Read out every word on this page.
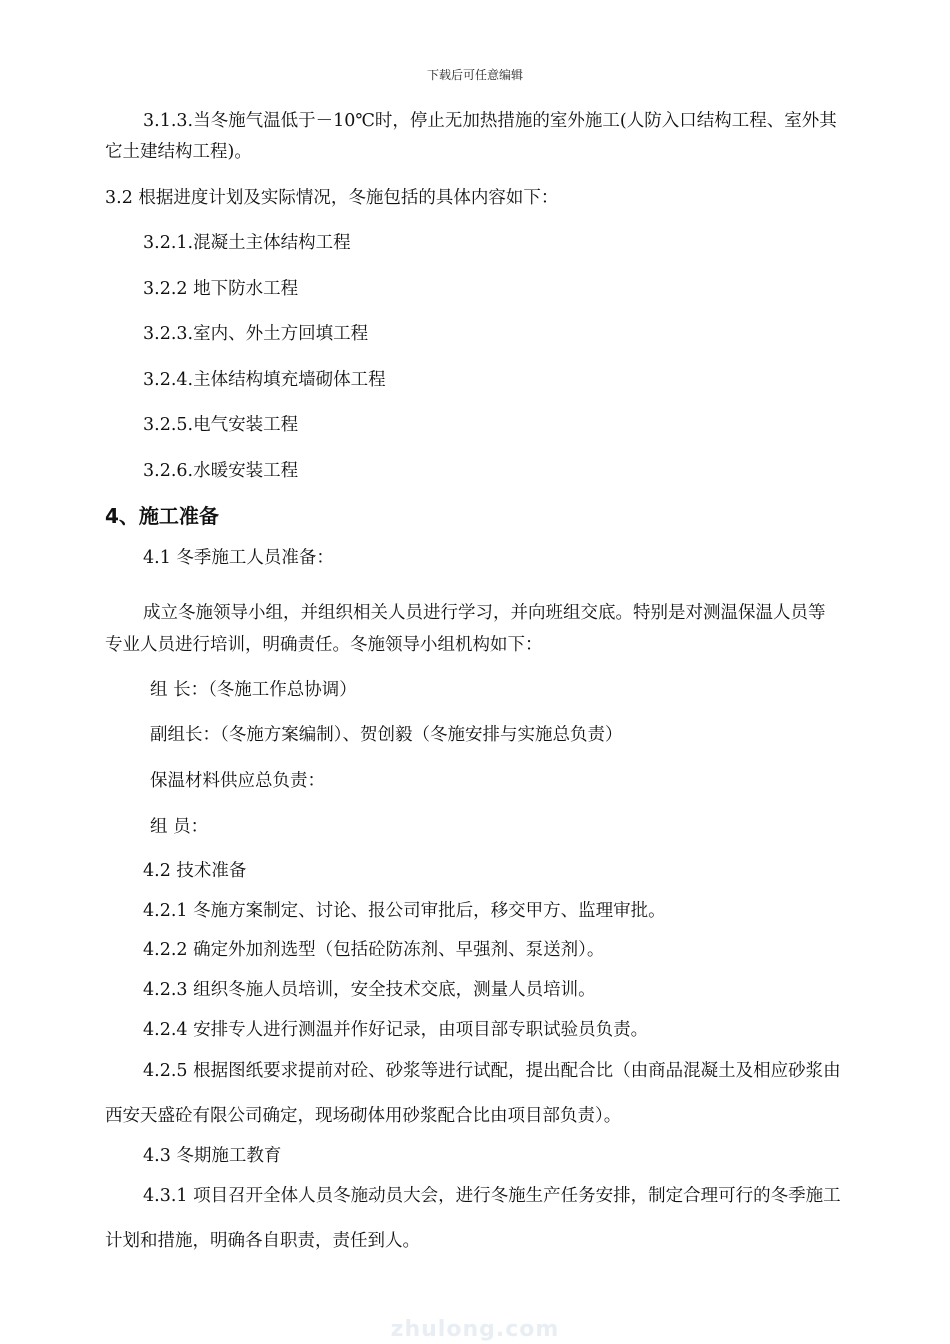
下载后可任意编辑
3.1.3.当冬施气温低于－10℃时，停止无加热措施的室外施工(人防入口结构工程、室外其
它土建结构工程)。
3.2 根据进度计划及实际情况，冬施包括的具体内容如下：
3.2.1.混凝土主体结构工程
3.2.2 地下防水工程
3.2.3.室内、外土方回填工程
3.2.4.主体结构填充墙砌体工程
3.2.5.电气安装工程
3.2.6.水暖安装工程
4、施工准备
4.1 冬季施工人员准备：
成立冬施领导小组，并组织相关人员进行学习，并向班组交底。特别是对测温保温人员等
专业人员进行培训，明确责任。冬施领导小组机构如下：
组 长：（冬施工作总协调）
副组长：（冬施方案编制）、贺创毅（冬施安排与实施总负责）
保温材料供应总负责：
组 员：
4.2 技术准备
4.2.1 冬施方案制定、讨论、报公司审批后，移交甲方、监理审批。
4.2.2 确定外加剂选型（包括砼防冻剂、早强剂、泵送剂）。
4.2.3 组织冬施人员培训，安全技术交底，测量人员培训。
4.2.4 安排专人进行测温并作好记录，由项目部专职试验员负责。
4.2.5 根据图纸要求提前对砼、砂浆等进行试配，提出配合比（由商品混凝土及相应砂浆由
西安天盛砼有限公司确定，现场砌体用砂浆配合比由项目部负责）。
4.3 冬期施工教育
4.3.1 项目召开全体人员冬施动员大会，进行冬施生产任务安排，制定合理可行的冬季施工
计划和措施，明确各自职责，责任到人。
zhulong.com
